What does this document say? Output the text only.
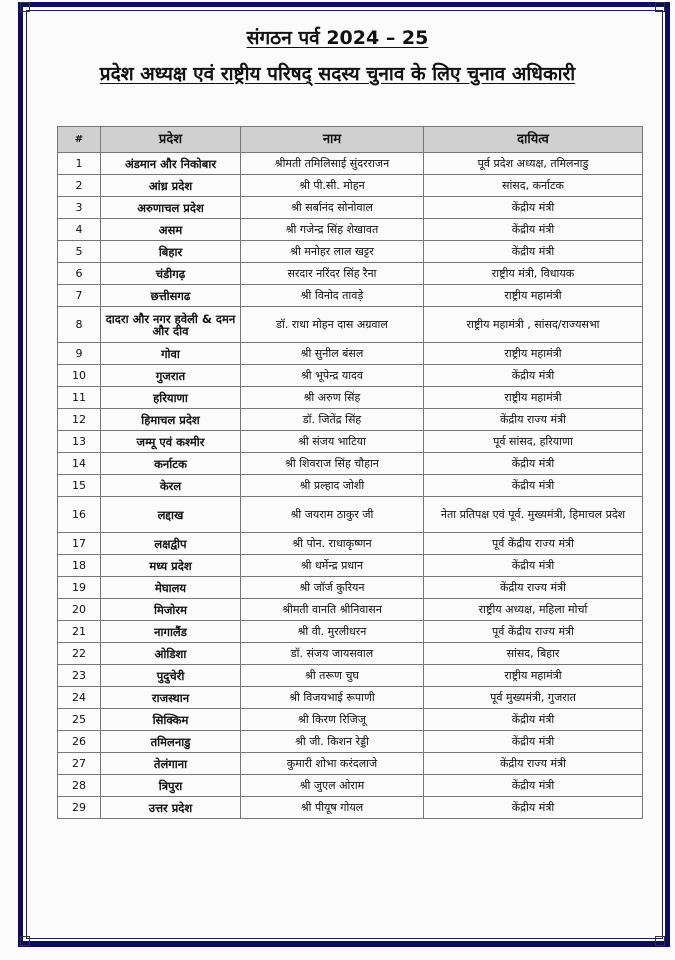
संगठन पर्व 2024 – 25
प्रदेश अध्यक्ष एवं राष्ट्रीय परिषद् सदस्य चुनाव के लिए चुनाव अधिकारी
#	प्रदेश	नाम	दायित्व
1	अंडमान और निकोबार	श्रीमती तमिलिसाई सुंदरराजन	पूर्व प्रदेश अध्यक्ष, तमिलनाडु
2	आंध्र प्रदेश	श्री पी.सी. मोहन	सांसद, कर्नाटक
3	अरुणाचल प्रदेश	श्री सर्बानंद सोनोवाल	केंद्रीय मंत्री
4	असम	श्री गजेन्द्र सिंह शेखावत	केंद्रीय मंत्री
5	बिहार	श्री मनोहर लाल खट्टर	केंद्रीय मंत्री
6	चंडीगढ़	सरदार नरिंदर सिंह रैना	राष्ट्रीय मंत्री, विधायक
7	छत्तीसगढ	श्री विनोद तावड़े	राष्ट्रीय महामंत्री
8	दादरा और नगर हवेली & दमन और दीव	डॉ. राधा मोहन दास अग्रवाल	राष्ट्रीय महामंत्री , सांसद/राज्यसभा
9	गोवा	श्री सुनील बंसल	राष्ट्रीय महामंत्री
10	गुजरात	श्री भूपेन्द्र यादव	केंद्रीय मंत्री
11	हरियाणा	श्री अरुण सिंह	राष्ट्रीय महामंत्री
12	हिमाचल प्रदेश	डॉ. जितेंद्र सिंह	केंद्रीय राज्य मंत्री
13	जम्मू एवं कश्मीर	श्री संजय भाटिया	पूर्व सांसद, हरियाणा
14	कर्नाटक	श्री शिवराज सिंह चौहान	केंद्रीय मंत्री
15	केरल	श्री प्रल्हाद जोशी	केंद्रीय मंत्री
16	लद्दाख	श्री जयराम ठाकुर जी	नेता प्रतिपक्ष एवं पूर्व. मुख्यमंत्री, हिमाचल प्रदेश
17	लक्षद्वीप	श्री पोन. राधाकृष्णन	पूर्व केंद्रीय राज्य मंत्री
18	मध्य प्रदेश	श्री धर्मेन्द्र प्रधान	केंद्रीय मंत्री
19	मेघालय	श्री जॉर्ज कुरियन	केंद्रीय राज्य मंत्री
20	मिजोरम	श्रीमती वानति श्रीनिवासन	राष्ट्रीय अध्यक्ष, महिला मोर्चा
21	नागालैंड	श्री वी. मुरलीधरन	पूर्व केंद्रीय राज्य मंत्री
22	ओडिशा	डॉ. संजय जायसवाल	सांसद, बिहार
23	पुदुचेरी	श्री तरूण चुघ	राष्ट्रीय महामंत्री
24	राजस्थान	श्री विजयभाई रूपाणी	पूर्व मुख्यमंत्री, गुजरात
25	सिक्किम	श्री किरण रिजिजू	केंद्रीय मंत्री
26	तमिलनाडु	श्री जी. किशन रेड्डी	केंद्रीय मंत्री
27	तेलंगाना	कुमारी शोभा करंदलाजे	केंद्रीय राज्य मंत्री
28	त्रिपुरा	श्री जुएल ओराम	केंद्रीय मंत्री
29	उत्तर प्रदेश	श्री पीयूष गोयल	केंद्रीय मंत्री
